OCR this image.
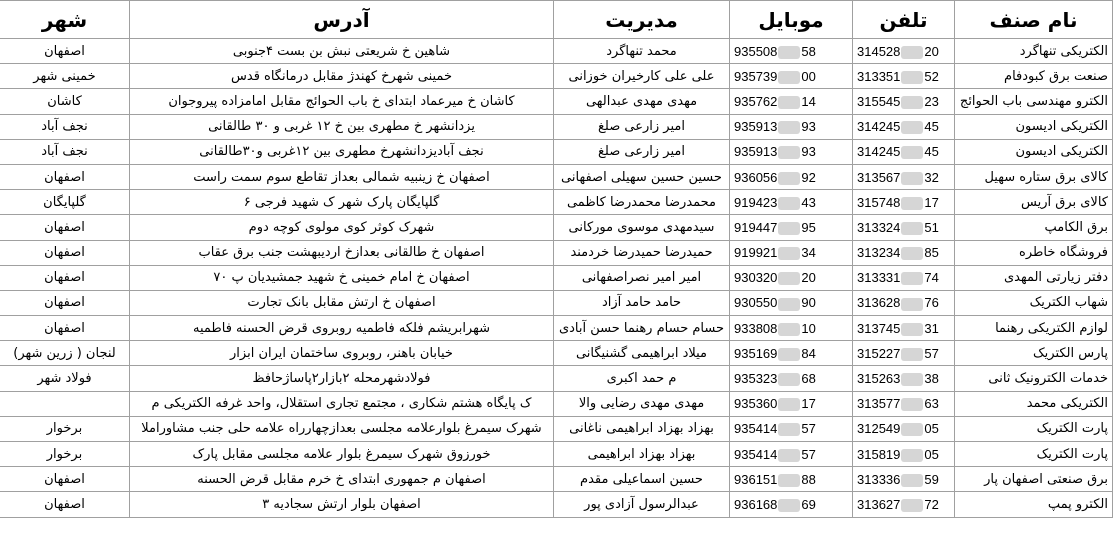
نام صنف	تلفن	موبایل	مدیریت	آدرس	شهر
الکتریکی تنهاگرد	314528 20	935508 58	محمد تنهاگرد	شاهین خ شریعتی نبش بن بست ۴جنوبی	اصفهان
صنعت برق کبودفام	313351 52	935739 00	علی علی کارخیران خوزانی	خمینی شهرخ کهندژ مقابل درمانگاه قدس	خمینی شهر
الکترو مهندسی باب الحوائج	315545 23	935762 14	مهدی مهدی عبدالهی	کاشان خ میرعماد ابتدای خ باب الحوائج مقابل امامزاده پیروجوان	کاشان
الکتریکی ادیسون	314245 45	935913 93	امیر زارعی صلغ	یزدانشهر خ مطهری بین خ ۱۲ غربی و ۳۰ طالقانی	نجف آباد
الکتریکی ادیسون	314245 45	935913 93	امیر زارعی صلغ	نجف آبادیزدانشهرخ مطهری بین ۱۲غربی و۳۰طالقانی	نجف آباد
کالای برق ستاره سهیل	313567 32	936056 92	حسین حسین سهیلی اصفهانی	اصفهان خ زینبیه شمالی بعداز تقاطع سوم سمت راست	اصفهان
کالای برق آریس	315748 17	919423 43	محمدرضا محمدرضا کاظمی	گلپایگان پارک شهر ک شهید فرجی ۶	گلپایگان
برق الکامپ	313324 51	919447 95	سیدمهدی موسوی مورکانی	شهرک کوثر کوی مولوی کوچه دوم	اصفهان
فروشگاه خاطره	313234 85	919921 34	حمیدرضا حمیدرضا خردمند	اصفهان خ طالقانی بعدازخ اردیبهشت جنب برق عقاب	اصفهان
دفتر زیارتی المهدی	313331 74	930320 20	امیر امیر نصراصفهانی	اصفهان خ امام خمینی خ شهید جمشیدیان پ ۷۰	اصفهان
شهاب الکتریک	313628 76	930550 90	حامد حامد آزاد	اصفهان خ ارتش مقابل بانک تجارت	اصفهان
لوازم الکتریکی رهنما	313745 31	933808 10	حسام حسام رهنما حسن آبادی	شهرابریشم فلکه فاطمیه روبروی قرض الحسنه فاطمیه	اصفهان
پارس الکتریک	315227 57	935169 84	میلاد ابراهیمی گشنیگانی	خیابان باهنر، روبروی ساختمان ایران ابزار	لنجان ( زرین شهر)
خدمات الکترونیک ثانی	315263 38	935323 68	م حمد اکبری	فولادشهرمحله ۲بازار۲پاساژحافظ	فولاد شهر
الکتریکی محمد	313577 63	935360 17	مهدی مهدی رضایی والا	ک پایگاه هشتم شکاری ، مجتمع تجاری استقلال، واحد غرفه الکتریکی م	
پارت الکتریک	312549 05	935414 57	بهزاد بهزاد ابراهیمی ناغانی	شهرک سیمرغ بلوارعلامه مجلسی بعدازچهارراه علامه حلی جنب مشاوراملا	برخوار
پارت الکتریک	315819 05	935414 57	بهزاد بهزاد ابراهیمی	خورزوق شهرک سیمرغ بلوار علامه مجلسی مقابل پارک	برخوار
برق صنعتی اصفهان پار	313336 59	936151 88	حسین اسماعیلی مقدم	اصفهان م جمهوری ابتدای خ خرم مقابل قرض الحسنه	اصفهان
الکترو پمپ	313627 72	936168 69	عبدالرسول آزادی پور	اصفهان بلوار ارتش سجادیه ۳	اصفهان
